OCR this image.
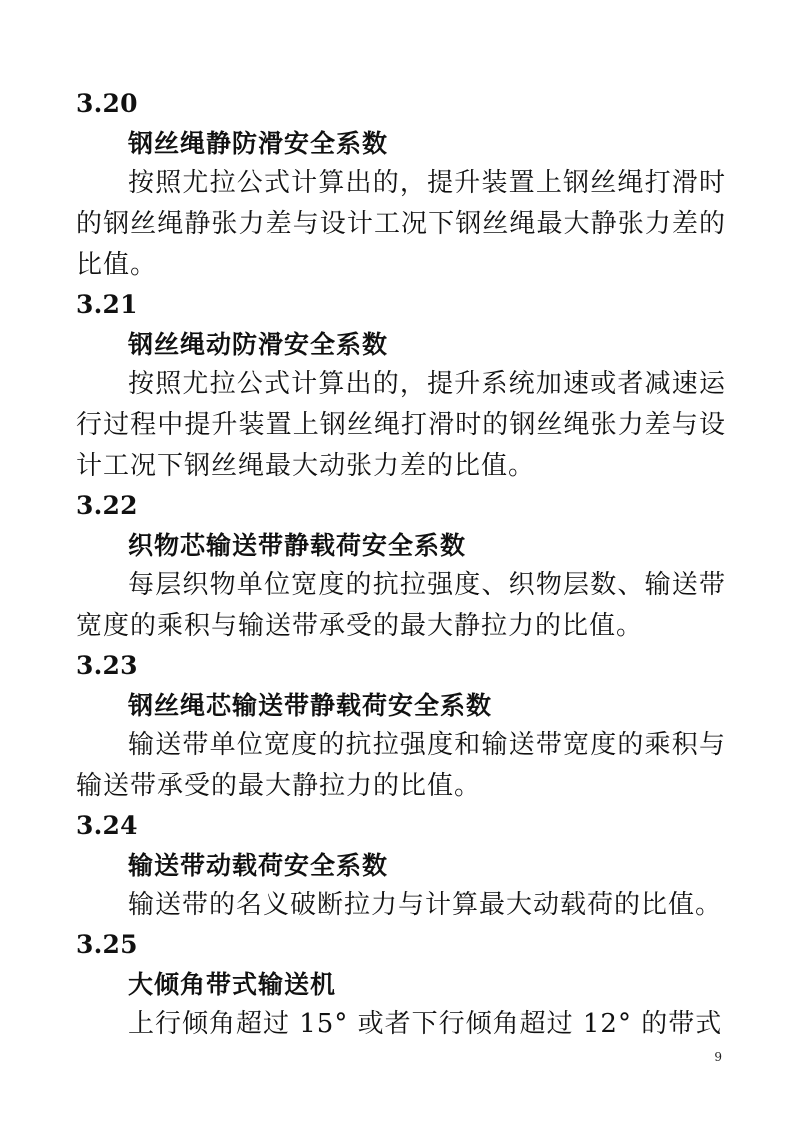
3.20
钢丝绳静防滑安全系数

按照尤拉公式计算出的，提升装置上钢丝绳打滑时的钢丝绳静张力差与设计工况下钢丝绳最大静张力差的比值。

3.21
钢丝绳动防滑安全系数

按照尤拉公式计算出的，提升系统加速或者减速运行过程中提升装置上钢丝绳打滑时的钢丝绳张力差与设计工况下钢丝绳最大动张力差的比值。

3.22
织物芯输送带静载荷安全系数

每层织物单位宽度的抗拉强度、织物层数、输送带宽度的乘积与输送带承受的最大静拉力的比值。

3.23
钢丝绳芯输送带静载荷安全系数

输送带单位宽度的抗拉强度和输送带宽度的乘积与输送带承受的最大静拉力的比值。

3.24
输送带动载荷安全系数

输送带的名义破断拉力与计算最大动载荷的比值。

3.25
大倾角带式输送机

上行倾角超过 15° 或者下行倾角超过 12° 的带式

9
